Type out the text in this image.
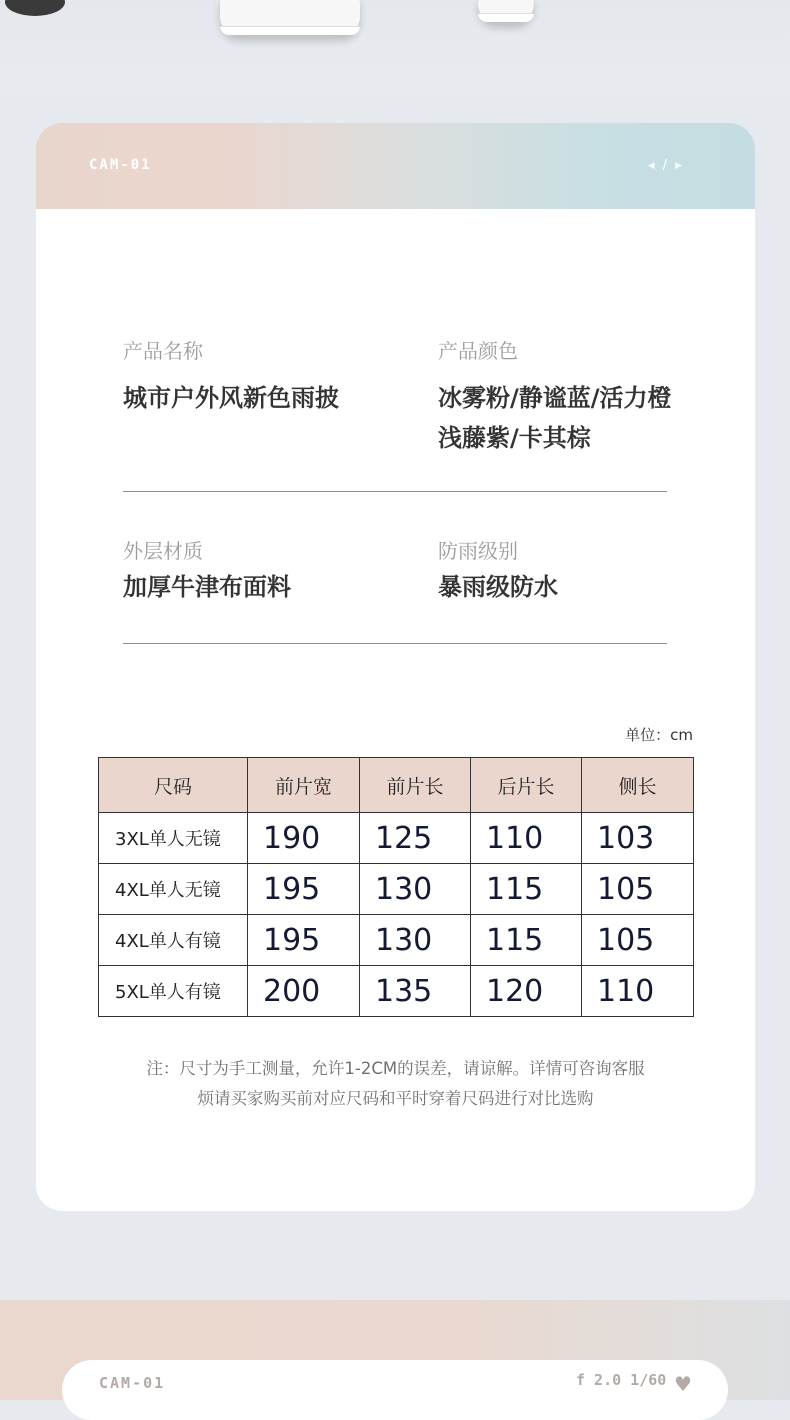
CAM-01	◂ / ▸
产品名称
城市户外风新色雨披
产品颜色
冰雾粉/静谧蓝/活力橙
浅藤紫/卡其棕
外层材质
加厚牛津布面料
防雨级别
暴雨级防水
单位：cm
尺码	前片宽	前片长	后片长	侧长
3XL单人无镜	190	125	110	103
4XL单人无镜	195	130	115	105
4XL单人有镜	195	130	115	105
5XL单人有镜	200	135	120	110
注：尺寸为手工测量，允许1-2CM的误差，请谅解。详情可咨询客服
烦请买家购买前对应尺码和平时穿着尺码进行对比选购
CAM-01	f 2.0 1/60 ♥
